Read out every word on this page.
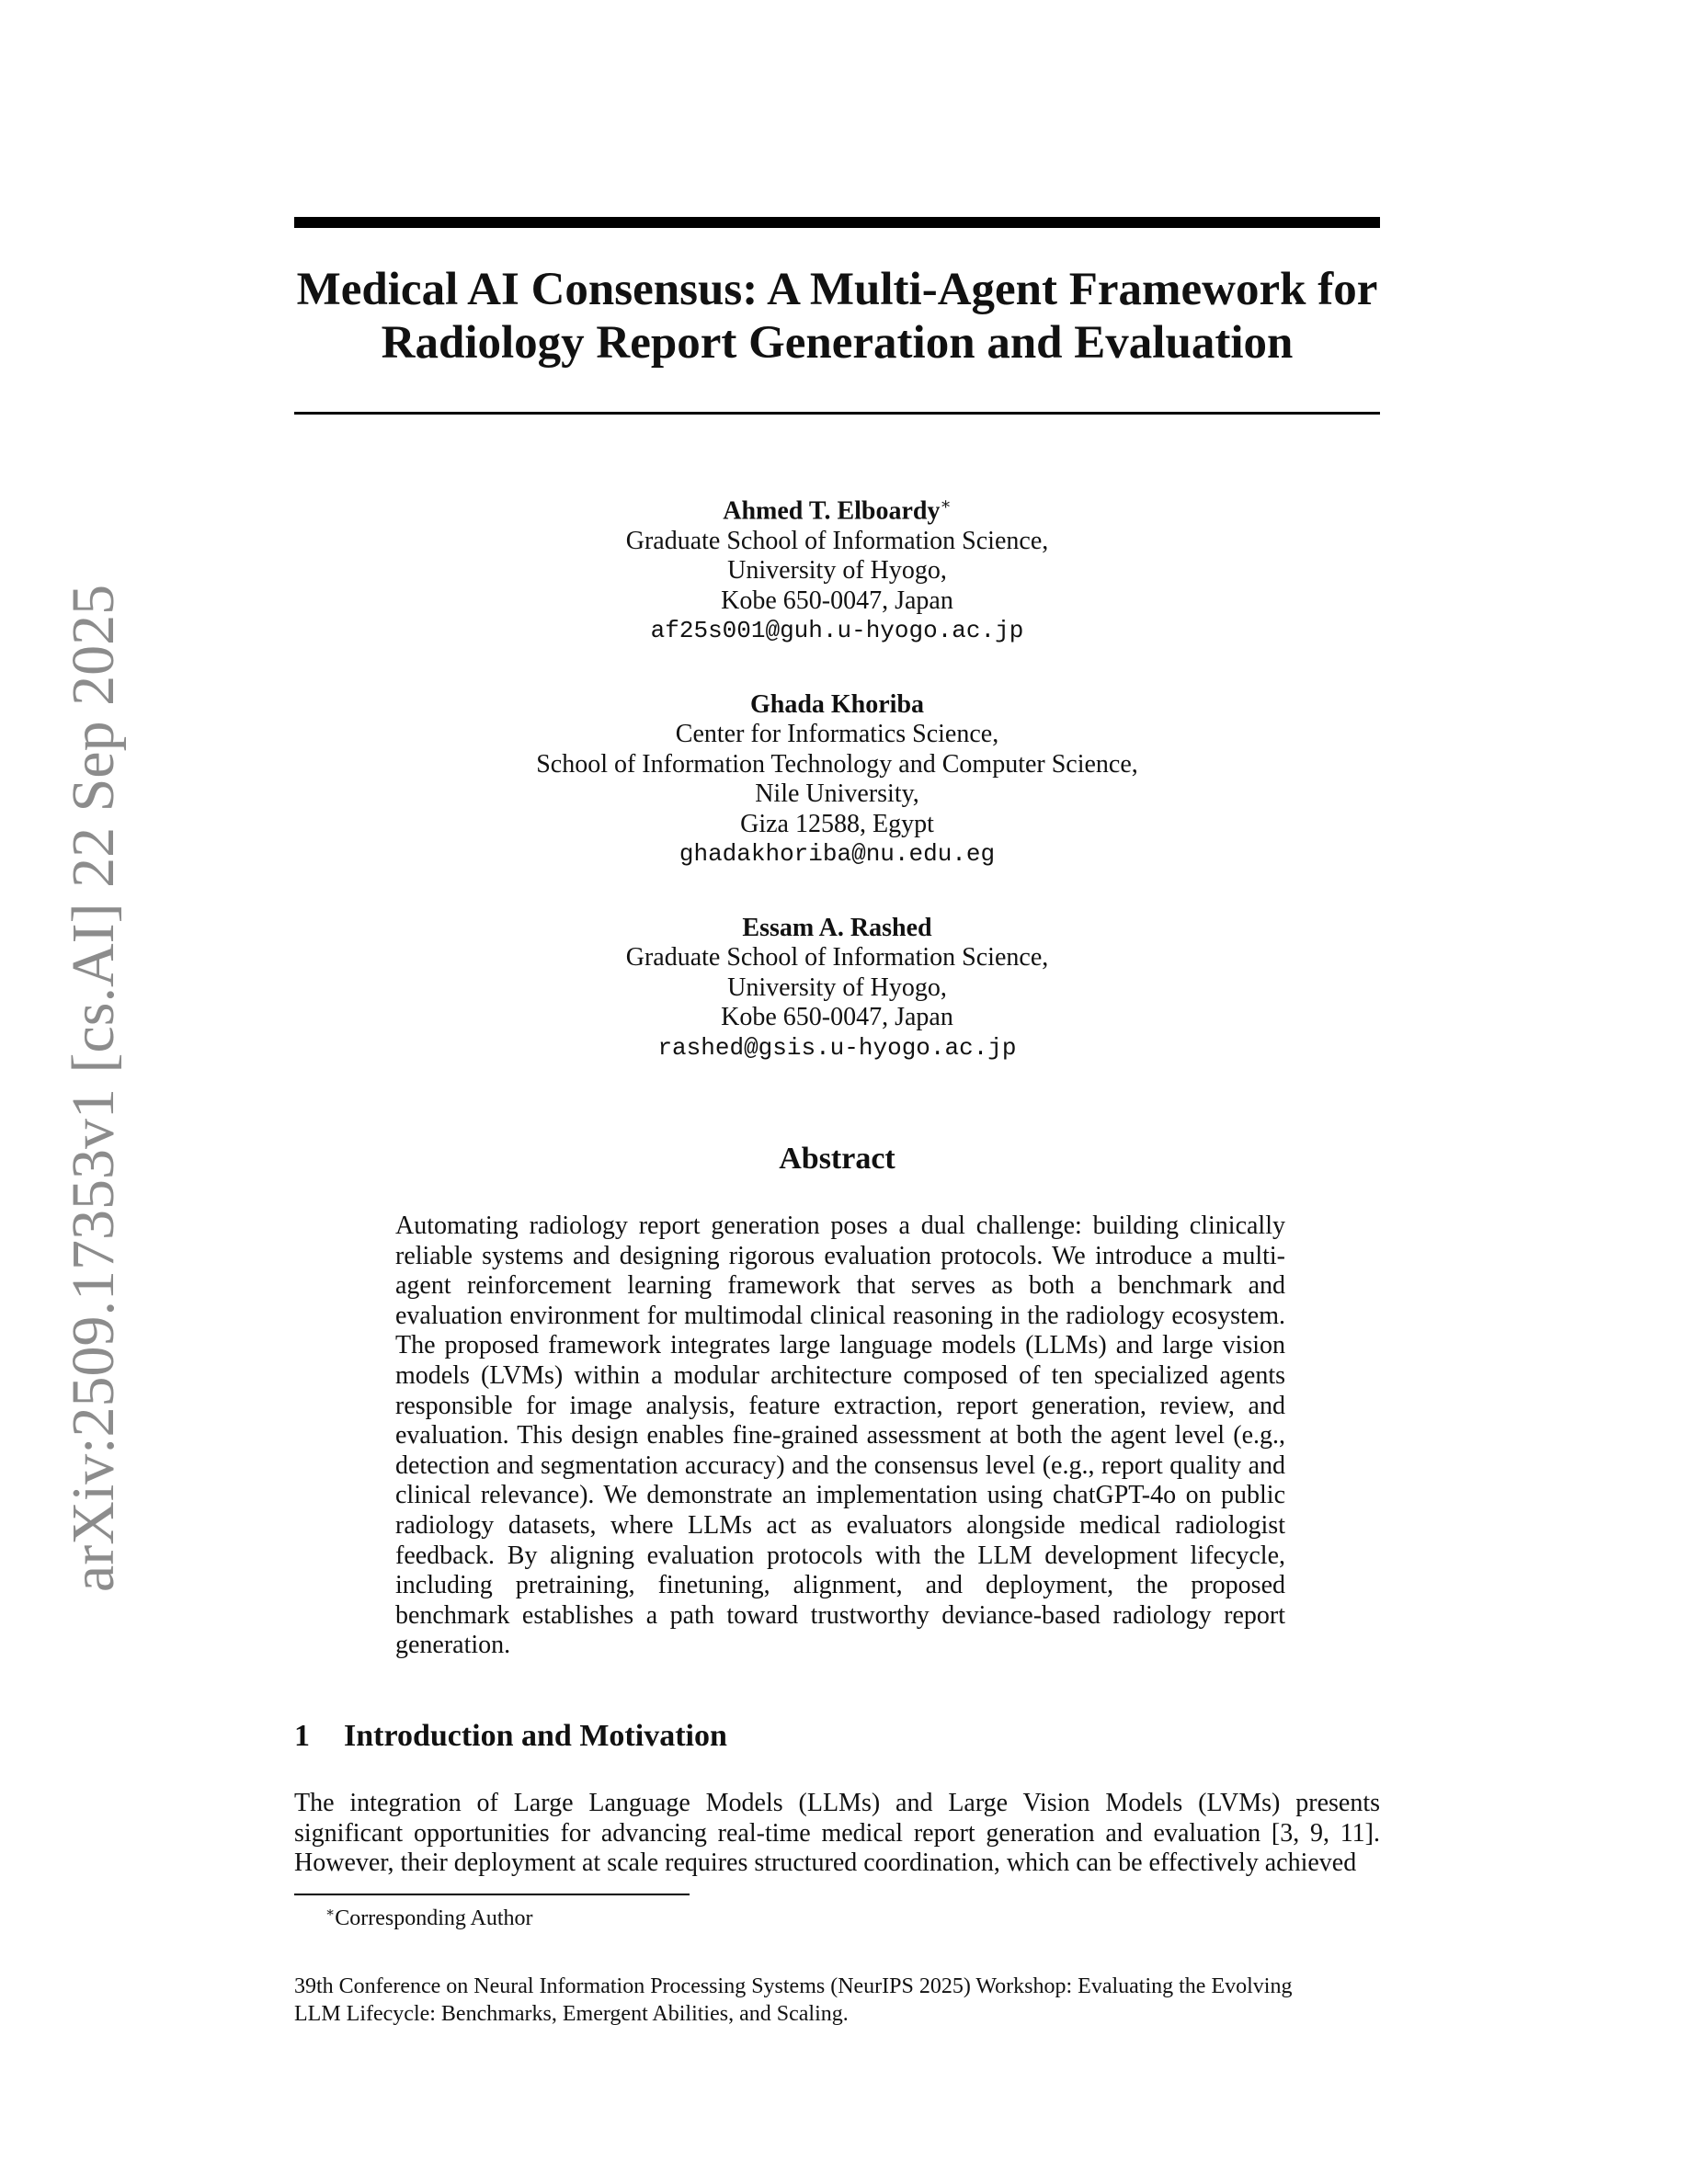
arXiv:2509.17353v1 [cs.AI] 22 Sep 2025
Medical AI Consensus: A Multi-Agent Framework for
Radiology Report Generation and Evaluation
Ahmed T. Elboardy∗
Graduate School of Information Science,
University of Hyogo,
Kobe 650-0047, Japan
af25s001@guh.u-hyogo.ac.jp
Ghada Khoriba
Center for Informatics Science,
School of Information Technology and Computer Science,
Nile University,
Giza 12588, Egypt
ghadakhoriba@nu.edu.eg
Essam A. Rashed
Graduate School of Information Science,
University of Hyogo,
Kobe 650-0047, Japan
rashed@gsis.u-hyogo.ac.jp
Abstract
Automating radiology report generation poses a dual challenge: building clinically reliable systems and designing rigorous evaluation protocols. We introduce a multi-agent reinforcement learning framework that serves as both a benchmark and evaluation environment for multimodal clinical reasoning in the radiology ecosystem. The proposed framework integrates large language models (LLMs) and large vision models (LVMs) within a modular architecture composed of ten specialized agents responsible for image analysis, feature extraction, report generation, review, and evaluation. This design enables fine-grained assessment at both the agent level (e.g., detection and segmentation accuracy) and the consensus level (e.g., report quality and clinical relevance). We demonstrate an implementation using chatGPT-4o on public radiology datasets, where LLMs act as evaluators alongside medical radiologist feedback. By aligning evaluation protocols with the LLM development lifecycle, including pretraining, finetuning, alignment, and deployment, the proposed benchmark establishes a path toward trustworthy deviance-based radiology report generation.
1 Introduction and Motivation
The integration of Large Language Models (LLMs) and Large Vision Models (LVMs) presents significant opportunities for advancing real-time medical report generation and evaluation [3, 9, 11]. However, their deployment at scale requires structured coordination, which can be effectively achieved
∗Corresponding Author
39th Conference on Neural Information Processing Systems (NeurIPS 2025) Workshop: Evaluating the Evolving
LLM Lifecycle: Benchmarks, Emergent Abilities, and Scaling.
